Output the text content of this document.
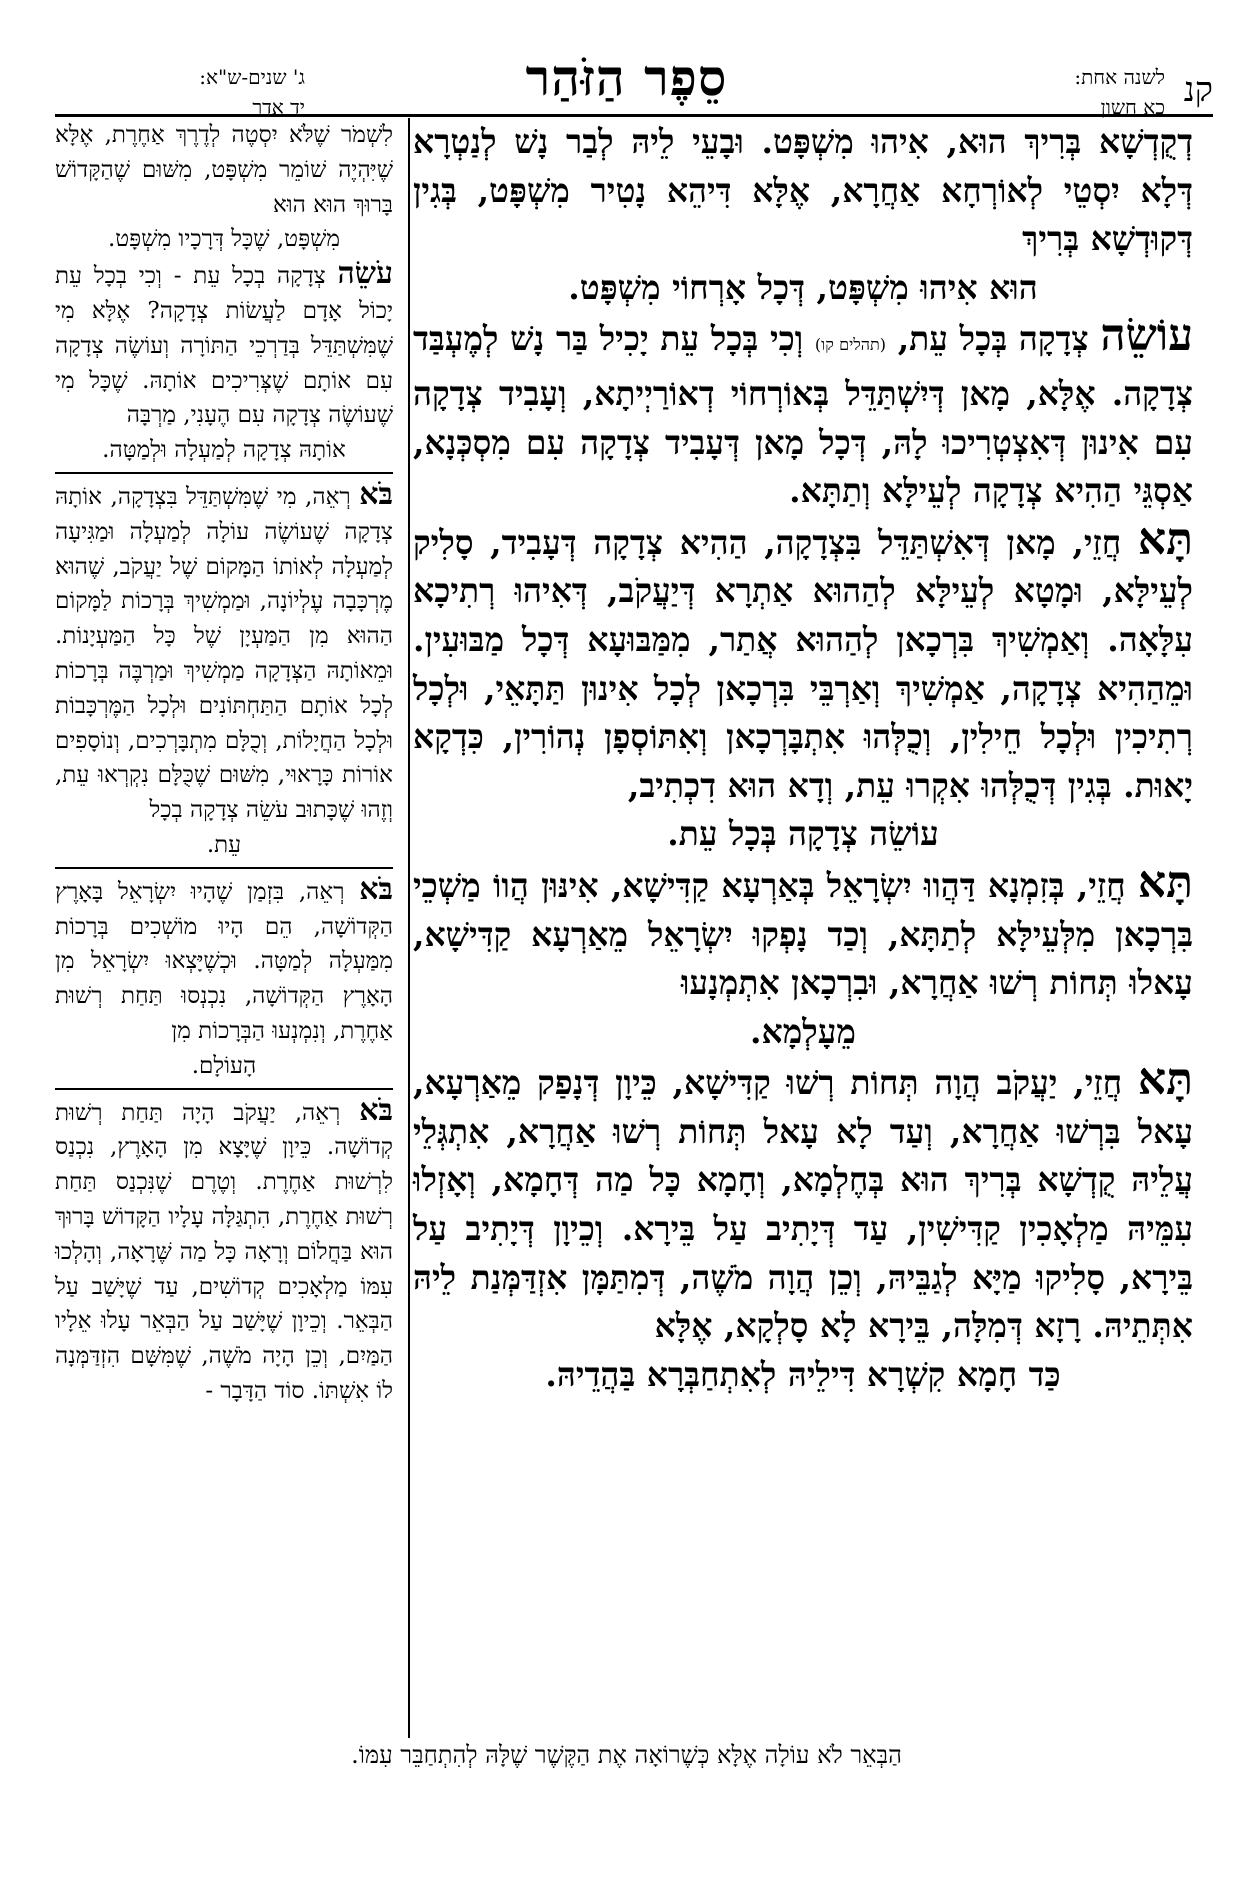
קנ
לשנה אחת:
כא חשון
סֵפֶר הַזֹּהַר
ג' שנים-ש"א:
יד אדר

דְקֻדְשָׁא בְּרִיךְ הוּא, אִיהוּ מִשְׁפָּט. וּבָעֵי לֵיהּ לְבַר נָשׁ לְנַטְרָא דְּלָא יִסְטֵי לְאוֹרְחָא אַחֲרָא, אֶלָּא דִּיהֵא נָטִיר מִשְׁפָּט, בְּגִין דְּקוּדְשָׁא בְּרִיךְ

הוּא אִיהוּ מִשְׁפָּט, דְּכָל אָרְחוֹי מִשְׁפָּט.

עוֹשֵׂה צְדָקָה בְּכָל עֵת, (תהלים קו) וְכִי בְּכָל עֵת יָכִיל בַּר נָשׁ לְמֶעְבַּד צְדָקָה. אֶלָּא, מָאן דְּיִשְׁתַּדֵּל בְּאוֹרְחוֹי דְאוֹרַיְיתָא, וְעָבִיד צְדָקָה עִם אִינוּן דְּאִצְטְרִיכוּ לָהּ, דְּכָל מָאן דְּעָבִיד צְדָקָה עִם מִסְכְּנָא, אַסְגֵּי הַהִיא צְדָקָה לְעֵילָּא וְתַתָּא.

תָּא חֲזֵי, מָאן דְּאִשְׁתַּדֵּל בִּצְדָקָה, הַהִיא צְדָקָה דְּעָבִיד, סָלִיק לְעֵילָּא, וּמָטָא לְעֵילָּא לְהַהוּא אַתְרָא דְּיַעֲקֹב, דְּאִיהוּ רְתִיכָא עִלָּאָה. וְאַמְשִׁיךְ בִּרְכָאן לְהַהוּא אֲתַר, מִמַּבּוּעָא דְּכָל מַבּוּעִין. וּמֵהַהִיא צְדָקָה, אַמְשִׁיךְ וְאַרְבֵּי בִּרְכָאן לְכָל אִינוּן תַּתָּאֵי, וּלְכָל רְתִיכִין וּלְכָל חֵילִין, וְכֻלְּהוּ אִתְבָּרְכָאן וְאִתּוֹסְפָן נְהוֹרִין, כִּדְקָא יָאוּת. בְּגִין דְּכֻלְּהוּ אִקְרוּ עֵת, וְדָא הוּא דִכְתִיב,

עוֹשֵׂה צְדָקָה בְּכָל עֵת.

תָּא חֲזֵי, בְּזִמְנָא דַּהֲווּ יִשְׂרָאֵל בְּאַרְעָא קַדִּישָׁא, אִינּוּן הֲווֹ מַשְׁכֵי בִּרְכָאן מִלְּעֵילָּא לְתַתָּא, וְכַד נָפְקוּ יִשְׂרָאֵל מֵאַרְעָא קַדִּישָׁא, עָאלוּ תְּחוֹת רְשׁוּ אַחֲרָא, וּבִרְכָאן אִתְמְנָעוּ

מֵעָלְמָא.

תָּא חֲזֵי, יַעֲקֹב הֲוָה תְּחוֹת רְשׁוּ קַדִּישָׁא, כֵּיוָן דְּנָפַק מֵאַרְעָא, עָאל בִּרְשׁוּ אַחֲרָא, וְעַד לָא עָאל תְּחוֹת רְשׁוּ אַחֲרָא, אִתְגְּלֵי עֲלֵיהּ קֻדְשָׁא בְּרִיךְ הוּא בְּחֶלְמָא, וְחָמָא כָּל מַה דְּחָמָא, וְאָזְלוּ עִמֵּיהּ מַלְאָכִין קַדִּישִׁין, עַד דְּיָתִיב עַל בֵּירָא. וְכֵיוָן דְּיָתִיב עַל בֵּירָא, סָלִיקוּ מַיָּא לְגַבֵּיהּ, וְכֵן הֲוָה מֹשֶׁה, דְּמִתַּמָּן אִזְדַּמְּנַת לֵיהּ אִתְּתֵיהּ. רָזָא דְּמִלָּה, בֵּירָא לָא סָלְקָא, אֶלָּא

כַּד חָמָא קִשְׁרָא דִּילֵיהּ לְאִתְחַבְּרָא בַּהֲדֵיהּ.

לִשְׁמֹר שֶׁלֹּא יִסְטֶה לְדֶרֶךְ אַחֶרֶת, אֶלָּא שֶׁיִּהְיֶה שׁוֹמֵר מִשְׁפָּט, מִשּׁוּם שֶׁהַקָּדוֹשׁ בָּרוּךְ הוּא הוּא

מִשְׁפָּט, שֶׁכָּל דְּרָכָיו מִשְׁפָּט.

עֹשֵׂה צְדָקָה בְכָל עֵת - וְכִי בְכָל עֵת יָכוֹל אָדָם לַעֲשׂוֹת צְדָקָה? אֶלָּא מִי שֶׁמִּשְׁתַּדֵּל בְּדַרְכֵי הַתּוֹרָה וְעוֹשֶׂה צְדָקָה עִם אוֹתָם שֶׁצְּרִיכִים אוֹתָהּ. שֶׁכָּל מִי שֶׁעוֹשֶׂה צְדָקָה עִם הֶעָנִי, מַרְבָּה

אוֹתָהּ צְדָקָה לְמַעְלָה וּלְמַטָּה.

בֹּא רְאֵה, מִי שֶׁמִּשְׁתַּדֵּל בִּצְדָקָה, אוֹתָהּ צְדָקָה שֶׁעוֹשֶׂה עוֹלָה לְמַעְלָה וּמַגִּיעָה לְמַעְלָה לְאוֹתוֹ הַמָּקוֹם שֶׁל יַעֲקֹב, שֶׁהוּא מֶרְכָּבָה עֶלְיוֹנָה, וּמַמְשִׁיךְ בְּרָכוֹת לַמָּקוֹם הַהוּא מִן הַמַּעְיָן שֶׁל כָּל הַמַּעְיָנוֹת. וּמֵאוֹתָהּ הַצְּדָקָה מַמְשִׁיךְ וּמַרְבֶּה בְּרָכוֹת לְכָל אוֹתָם הַתַּחְתּוֹנִים וּלְכָל הַמֶּרְכָּבוֹת וּלְכָל הַחֲיָלוֹת, וְכֻלָּם מִתְבָּרְכִים, וְנוֹסָפִים אוֹרוֹת כָּרָאוּי, מִשּׁוּם שֶׁכֻּלָּם נִקְרְאוּ עֵת, וְזֶהוּ שֶׁכָּתוּב עֹשֵׂה צְדָקָה בְכָל

עֵת.

בֹּא רְאֵה, בִּזְמַן שֶׁהָיוּ יִשְׂרָאֵל בָּאָרֶץ הַקְּדוֹשָׁה, הֵם הָיוּ מוֹשְׁכִים בְּרָכוֹת מִמַּעְלָה לְמַטָּה. וּכְשֶׁיָּצְאוּ יִשְׂרָאֵל מִן הָאָרֶץ הַקְּדוֹשָׁה, נִכְנְסוּ תַּחַת רְשׁוּת אַחֶרֶת, וְנִמְנְעוּ הַבְּרָכוֹת מִן

הָעוֹלָם.

בֹּא רְאֵה, יַעֲקֹב הָיָה תַּחַת רְשׁוּת קְדוֹשָׁה. כֵּיוָן שֶׁיָּצָא מִן הָאָרֶץ, נִכְנַס לִרְשׁוּת אַחֶרֶת. וְטֶרֶם שֶׁנִּכְנַס תַּחַת רְשׁוּת אַחֶרֶת, הִתְגַּלָּה עָלָיו הַקָּדוֹשׁ בָּרוּךְ הוּא בַּחֲלוֹם וְרָאָה כָּל מַה שֶּׁרָאָה, וְהָלְכוּ עִמּוֹ מַלְאָכִים קְדוֹשִׁים, עַד שֶׁיָּשַׁב עַל הַבְּאֵר. וְכֵיוָן שֶׁיָּשַׁב עַל הַבְּאֵר עָלוּ אֵלָיו הַמַּיִם, וְכֵן הָיָה מֹשֶׁה, שֶׁמִּשָּׁם הִזְדַּמְּנָה לוֹ אִשְׁתּוֹ. סוֹד הַדָּבָר -

הַבְּאֵר לֹא עוֹלָה אֶלָּא כְּשֶׁרוֹאָה אֶת הַקֶּשֶׁר שֶׁלָּהּ לְהִתְחַבֵּר עִמּוֹ.
